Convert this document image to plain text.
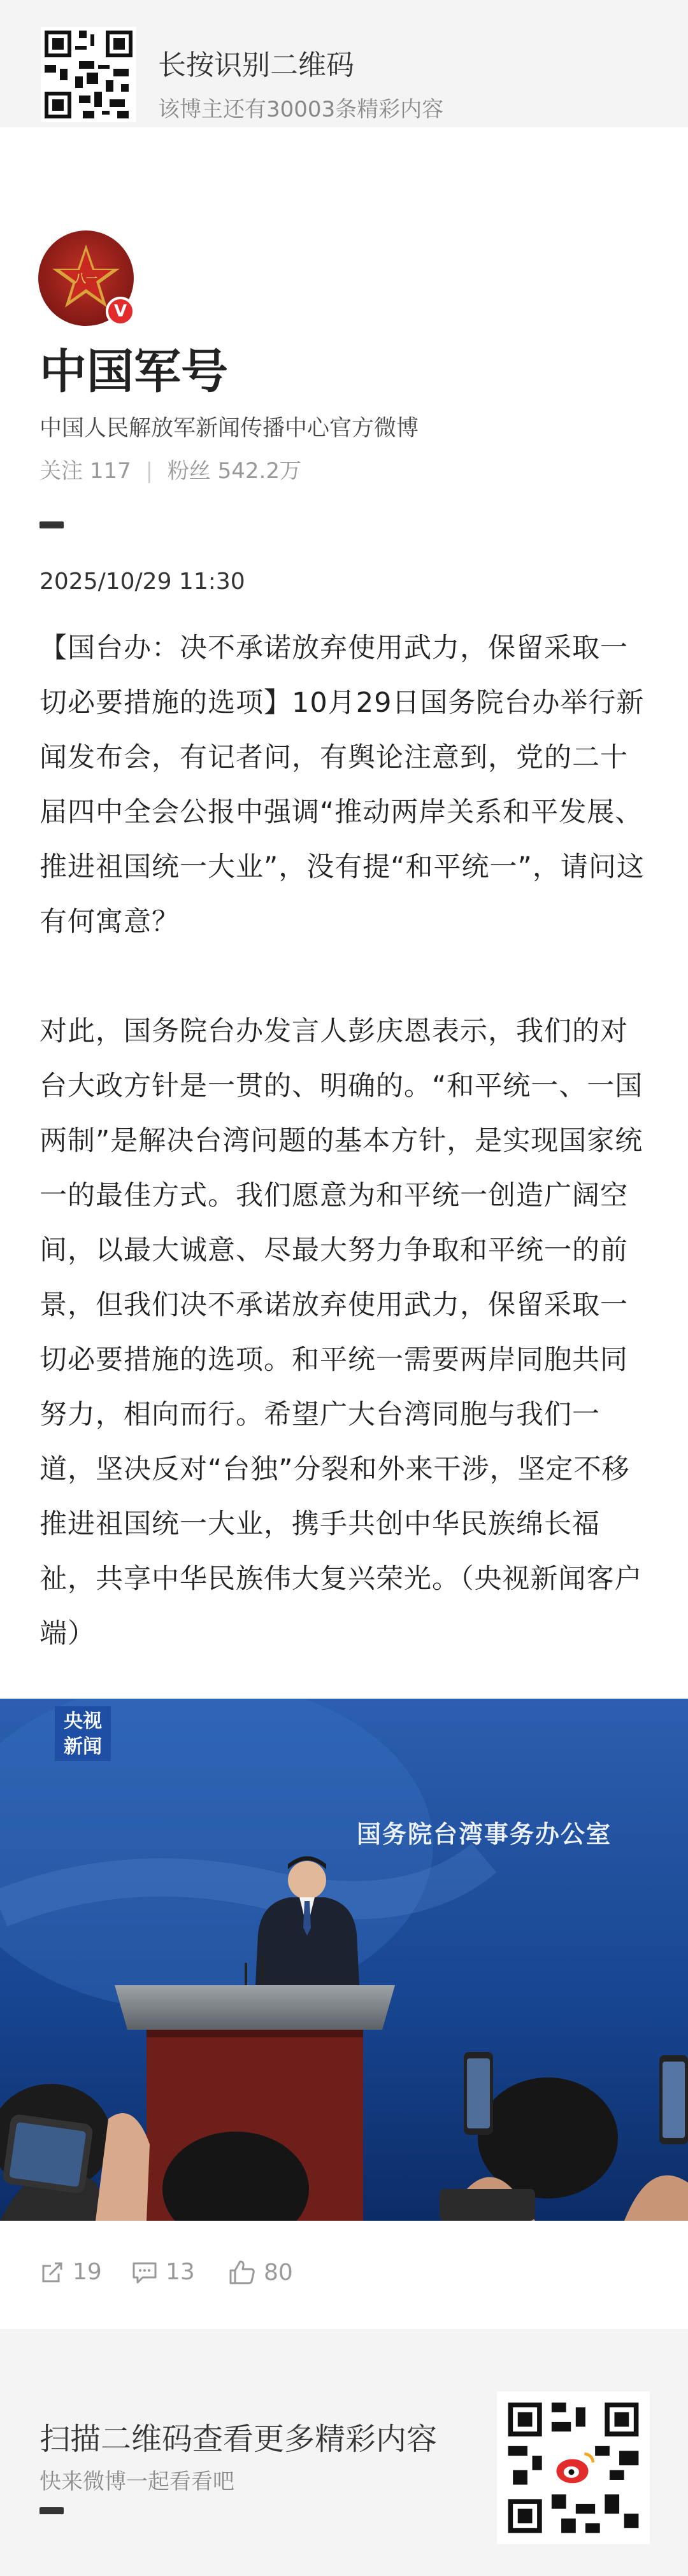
长按识别二维码
该博主还有30003条精彩内容
八一
V
中国军号
中国人民解放军新闻传播中心官方微博
关注 117 | 粉丝 542.2万
2025/10/29 11:30

【国台办：决不承诺放弃使用武力，保留采取一切必要措施的选项】10月29日国务院台办举行新闻发布会，有记者问，有舆论注意到，党的二十届四中全会公报中强调“推动两岸关系和平发展、推进祖国统一大业”，没有提“和平统一”，请问这有何寓意？

对此，国务院台办发言人彭庆恩表示，我们的对台大政方针是一贯的、明确的。“和平统一、一国两制”是解决台湾问题的基本方针，是实现国家统一的最佳方式。我们愿意为和平统一创造广阔空间，以最大诚意、尽最大努力争取和平统一的前景，但我们决不承诺放弃使用武力，保留采取一切必要措施的选项。和平统一需要两岸同胞共同努力，相向而行。希望广大台湾同胞与我们一道，坚决反对“台独”分裂和外来干涉，坚定不移推进祖国统一大业，携手共创中华民族绵长福祉，共享中华民族伟大复兴荣光。（央视新闻客户端）

央视
新闻
国务院台湾事务办公室
19	13	80
扫描二维码查看更多精彩内容
快来微博一起看看吧
